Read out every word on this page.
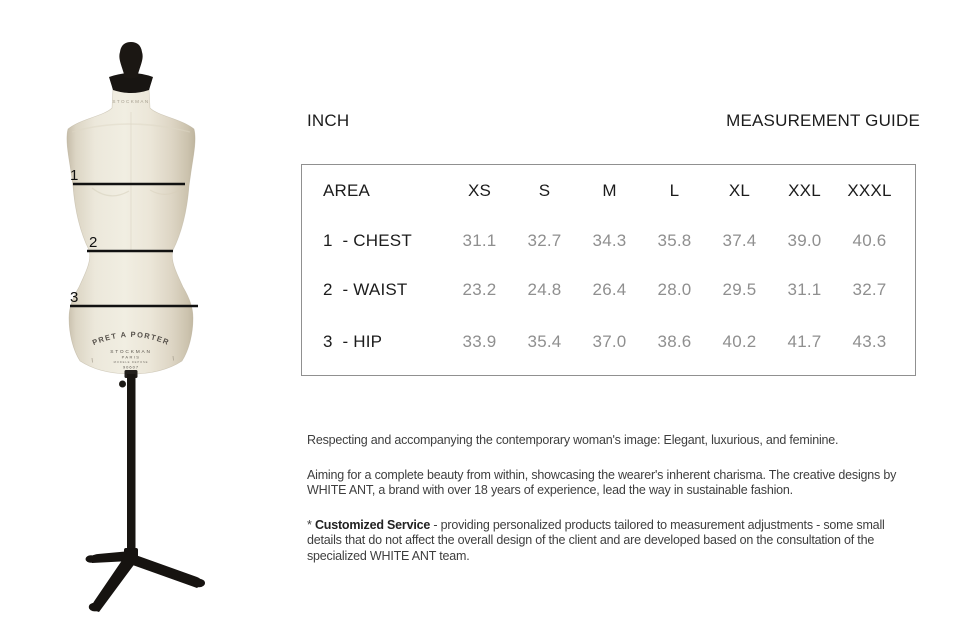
STOCKMAN
PRET A PORTER
STOCKMAN
PARIS
MODELE DEPOSE
90607
1
2
3
INCH	MEASUREMENT GUIDE
AREA	XS	S	M	L	XL	XXL	XXXL
1  - CHEST	31.1	32.7	34.3	35.8	37.4	39.0	40.6
2  - WAIST	23.2	24.8	26.4	28.0	29.5	31.1	32.7
3  - HIP	33.9	35.4	37.0	38.6	40.2	41.7	43.3

Respecting and accompanying the contemporary woman's image: Elegant, luxurious, and feminine.

Aiming for a complete beauty from within, showcasing the wearer's inherent charisma. The creative designs by WHITE ANT, a brand with over 18 years of experience, lead the way in sustainable fashion.

* Customized Service - providing personalized products tailored to measurement adjustments - some small details that do not affect the overall design of the client and are developed based on the consultation of the specialized WHITE ANT team.
